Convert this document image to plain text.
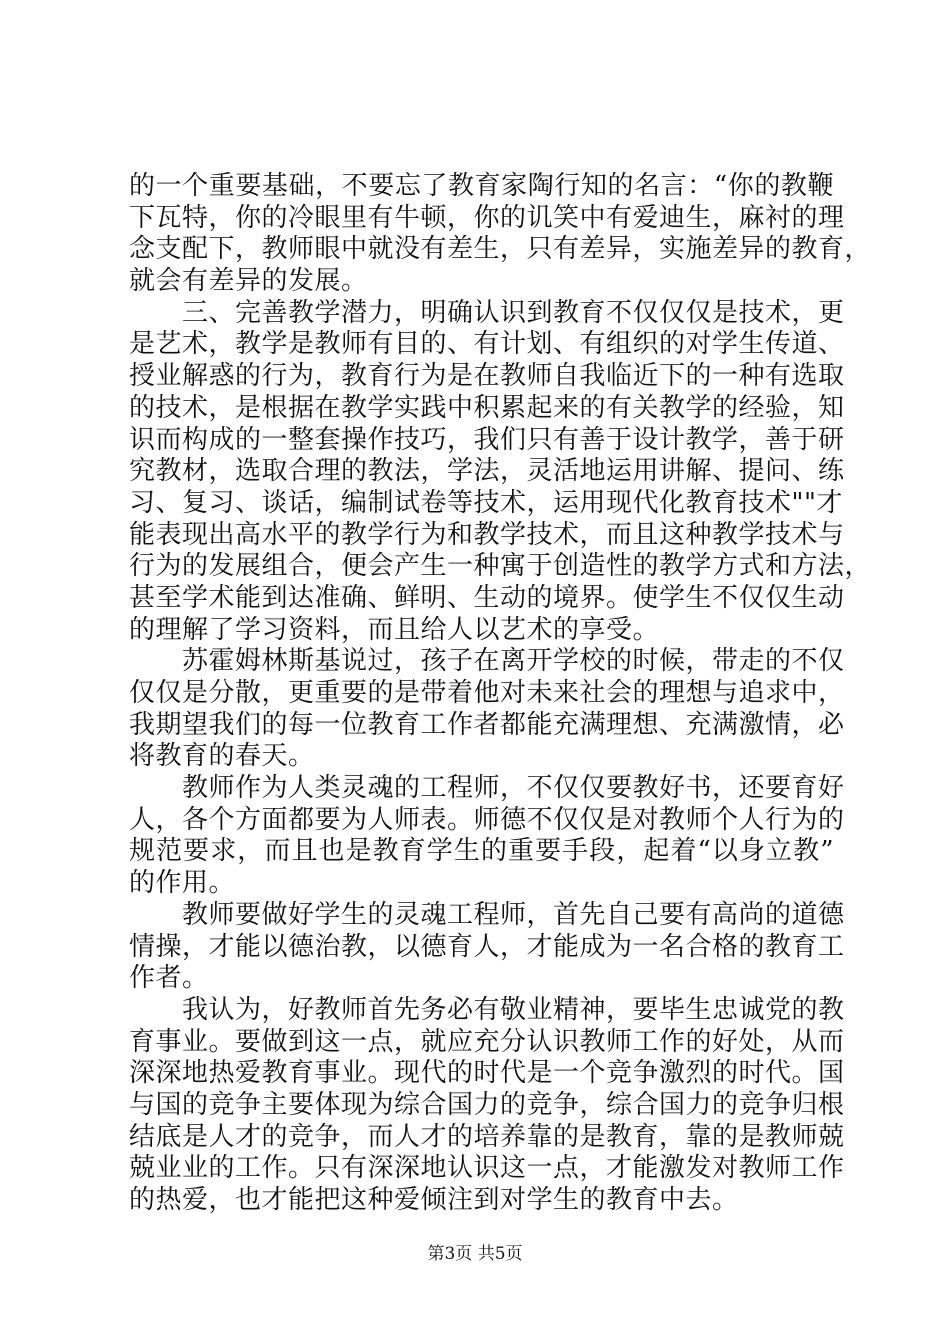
的一个重要基础，不要忘了教育家陶行知的名言：“你的教鞭
下瓦特，你的冷眼里有牛顿，你的讥笑中有爱迪生，麻衬的理
念支配下，教师眼中就没有差生，只有差异，实施差异的教育，
就会有差异的发展。
　　三、完善教学潜力，明确认识到教育不仅仅仅是技术，更
是艺术，教学是教师有目的、有计划、有组织的对学生传道、
授业解惑的行为，教育行为是在教师自我临近下的一种有选取
的技术，是根据在教学实践中积累起来的有关教学的经验，知
识而构成的一整套操作技巧，我们只有善于设计教学，善于研
究教材，选取合理的教法，学法，灵活地运用讲解、提问、练
习、复习、谈话，编制试卷等技术，运用现代化教育技术""才
能表现出高水平的教学行为和教学技术，而且这种教学技术与
行为的发展组合，便会产生一种寓于创造性的教学方式和方法，
甚至学术能到达准确、鲜明、生动的境界。使学生不仅仅生动
的理解了学习资料，而且给人以艺术的享受。
　　苏霍姆林斯基说过，孩子在离开学校的时候，带走的不仅
仅仅是分散，更重要的是带着他对未来社会的理想与追求中，
我期望我们的每一位教育工作者都能充满理想、充满激情，必
将教育的春天。
　　教师作为人类灵魂的工程师，不仅仅要教好书，还要育好
人，各个方面都要为人师表。师德不仅仅是对教师个人行为的
规范要求，而且也是教育学生的重要手段，起着“以身立教”
的作用。
　　教师要做好学生的灵魂工程师，首先自己要有高尚的道德
情操，才能以德治教，以德育人，才能成为一名合格的教育工
作者。
　　我认为，好教师首先务必有敬业精神，要毕生忠诚党的教
育事业。要做到这一点，就应充分认识教师工作的好处，从而
深深地热爱教育事业。现代的时代是一个竞争激烈的时代。国
与国的竞争主要体现为综合国力的竞争，综合国力的竞争归根
结底是人才的竞争，而人才的培养靠的是教育，靠的是教师兢
兢业业的工作。只有深深地认识这一点，才能激发对教师工作
的热爱，也才能把这种爱倾注到对学生的教育中去。
第3页 共5页
